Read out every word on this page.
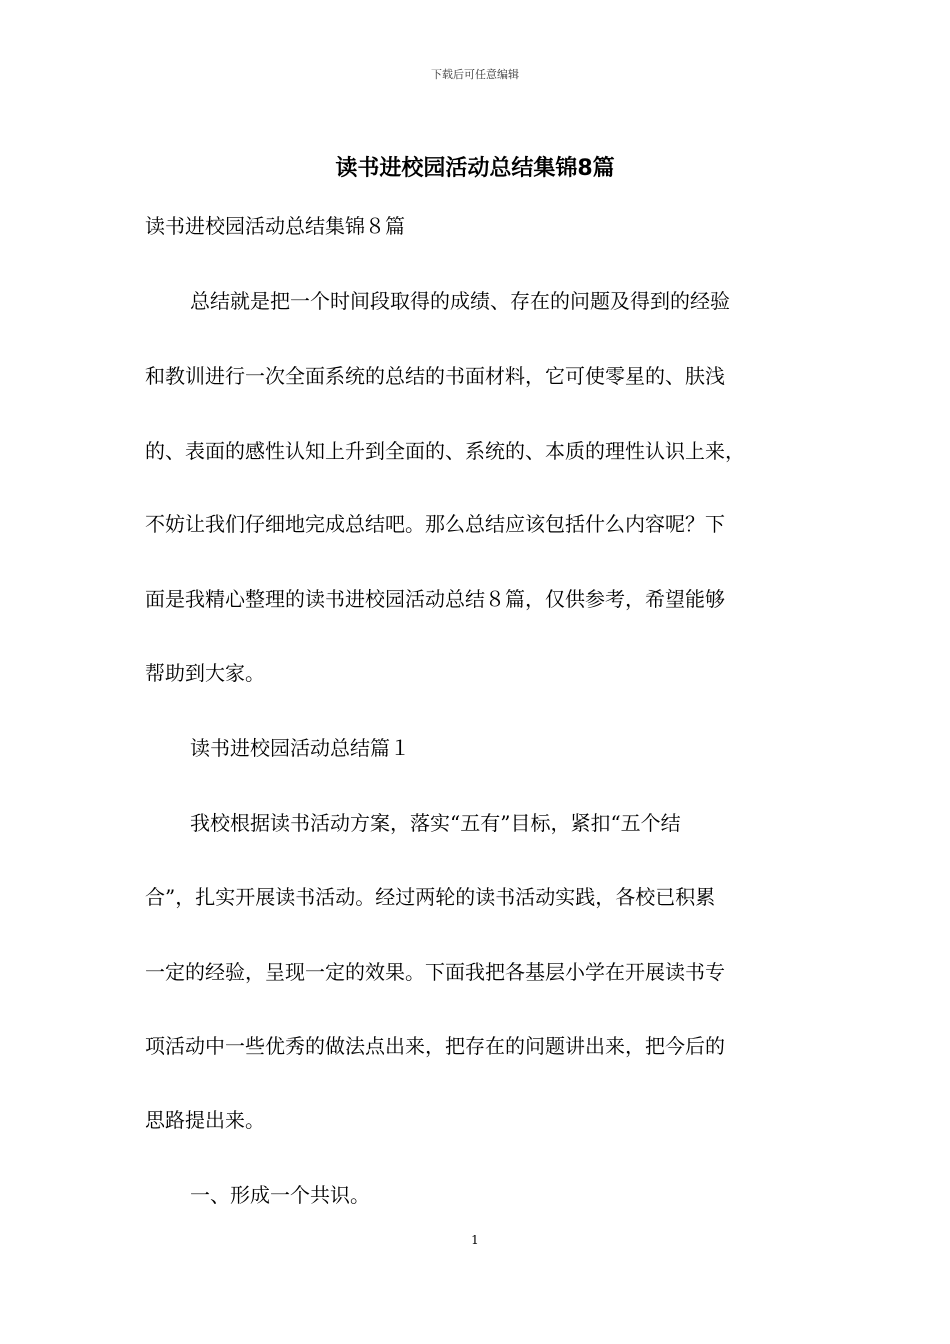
下载后可任意编辑
读书进校园活动总结集锦8篇
读书进校园活动总结集锦８篇
总结就是把一个时间段取得的成绩、存在的问题及得到的经验
和教训进行一次全面系统的总结的书面材料，它可使零星的、肤浅
的、表面的感性认知上升到全面的、系统的、本质的理性认识上来，
不妨让我们仔细地完成总结吧。那么总结应该包括什么内容呢？下
面是我精心整理的读书进校园活动总结８篇，仅供参考，希望能够
帮助到大家。
读书进校园活动总结篇１
我校根据读书活动方案，落实“五有”目标，紧扣“五个结
合”，扎实开展读书活动。经过两轮的读书活动实践，各校已积累
一定的经验，呈现一定的效果。下面我把各基层小学在开展读书专
项活动中一些优秀的做法点出来，把存在的问题讲出来，把今后的
思路提出来。
一、形成一个共识。
1
